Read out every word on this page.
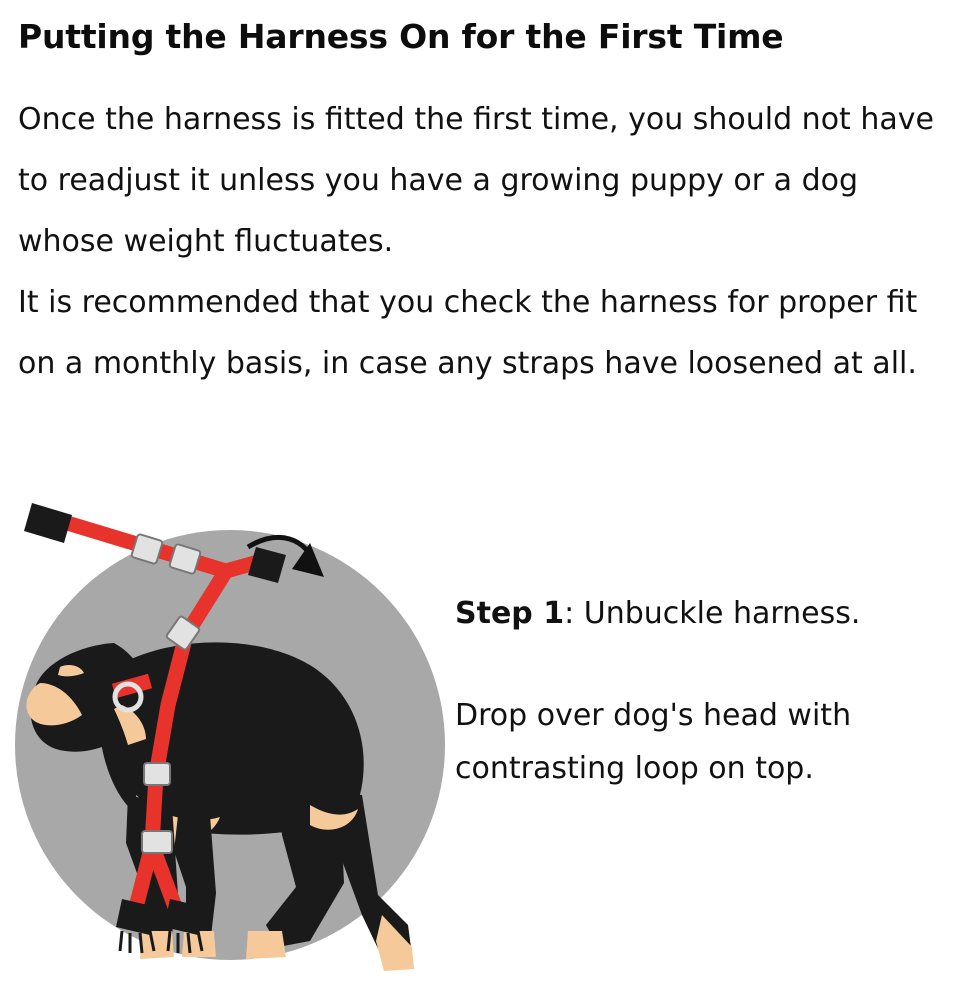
Putting the Harness On for the First Time

Once the harness is fitted the first time, you should not have to readjust it unless you have a growing puppy or a dog whose weight fluctuates.

It is recommended that you check the harness for proper fit on a monthly basis, in case any straps have loosened at all.

Step 1: Unbuckle harness.
Drop over dog's head with contrasting loop on top.
